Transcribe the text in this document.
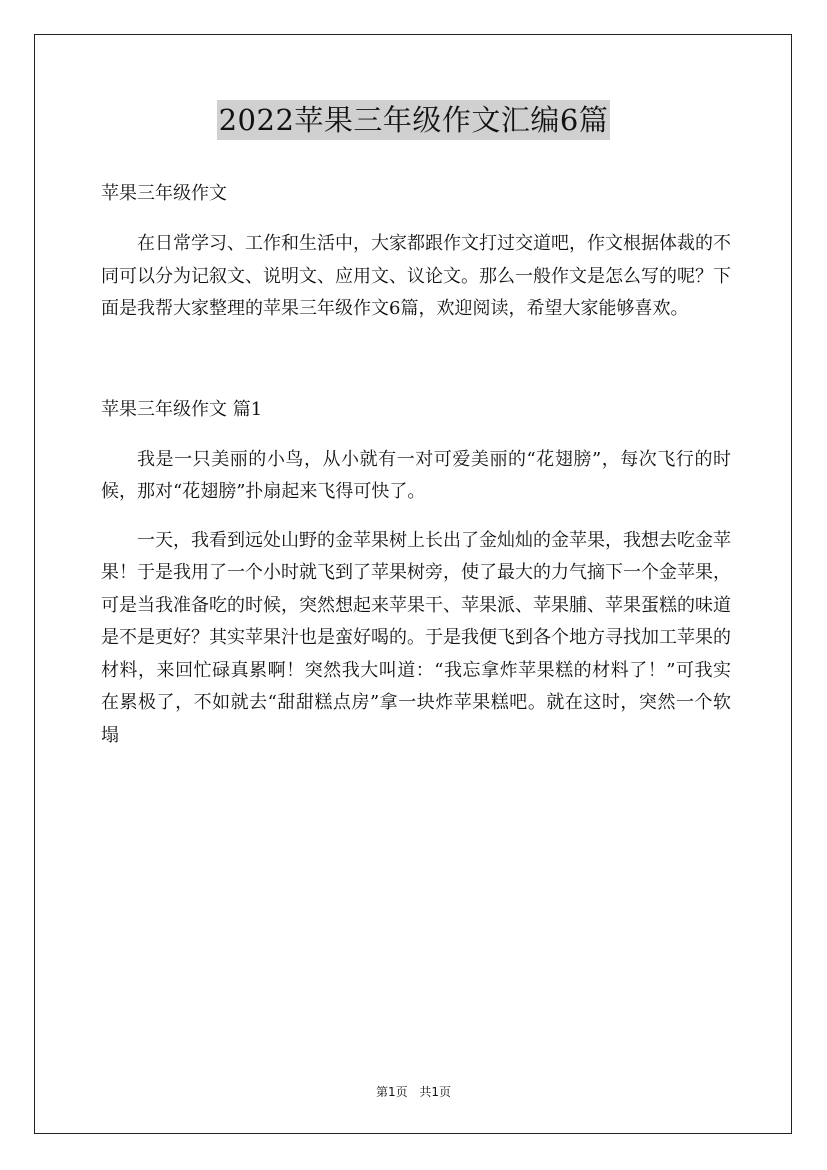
2022苹果三年级作文汇编6篇

苹果三年级作文

在日常学习、工作和生活中，大家都跟作文打过交道吧，作文根据体裁的不同可以分为记叙文、说明文、应用文、议论文。那么一般作文是怎么写的呢？下面是我帮大家整理的苹果三年级作文6篇，欢迎阅读，希望大家能够喜欢。

苹果三年级作文 篇1

我是一只美丽的小鸟，从小就有一对可爱美丽的“花翅膀”，每次飞行的时候，那对“花翅膀”扑扇起来飞得可快了。

一天，我看到远处山野的金苹果树上长出了金灿灿的金苹果，我想去吃金苹果！于是我用了一个小时就飞到了苹果树旁，使了最大的力气摘下一个金苹果，可是当我准备吃的时候，突然想起来苹果干、苹果派、苹果脯、苹果蛋糕的味道是不是更好？其实苹果汁也是蛮好喝的。于是我便飞到各个地方寻找加工苹果的材料，来回忙碌真累啊！突然我大叫道：“我忘拿炸苹果糕的材料了！”可我实在累极了，不如就去“甜甜糕点房”拿一块炸苹果糕吧。就在这时，突然一个软塌

第1页 共1页
